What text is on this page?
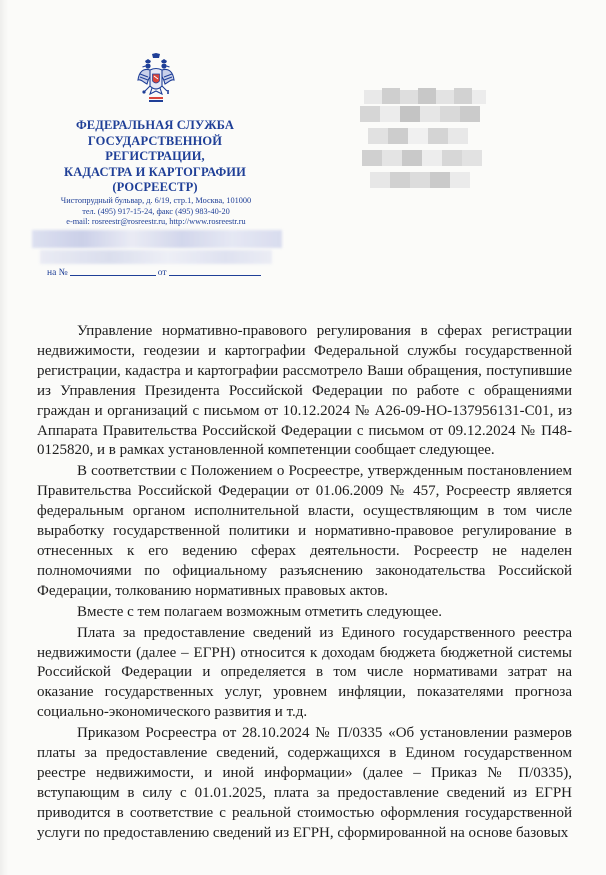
ФЕДЕРАЛЬНАЯ СЛУЖБА
ГОСУДАРСТВЕННОЙ
РЕГИСТРАЦИИ,
КАДАСТРА И КАРТОГРАФИИ
(РОСРЕЕСТР)
Чистопрудный бульвар, д. 6/19, стр.1, Москва, 101000
тел. (495) 917-15-24, факс (495) 983-40-20
e-mail: rosreestr@rosreestr.ru, http://www.rosreestr.ru
на №	от

Управление нормативно-правового регулирования в сферах регистрации недвижимости, геодезии и картографии Федеральной службы государственной регистрации, кадастра и картографии рассмотрело Ваши обращения, поступившие из Управления Президента Российской Федерации по работе с обращениями граждан и организаций с письмом от 10.12.2024 № А26-09-НО-137956131-С01, из Аппарата Правительства Российской Федерации с письмом от 09.12.2024 № П48-0125820, и в рамках установленной компетенции сообщает следующее.

В соответствии с Положением о Росреестре, утвержденным постановлением Правительства Российской Федерации от 01.06.2009 № 457, Росреестр является федеральным органом исполнительной власти, осуществляющим в том числе выработку государственной политики и нормативно-правовое регулирование в отнесенных к его ведению сферах деятельности. Росреестр не наделен полномочиями по официальному разъяснению законодательства Российской Федерации, толкованию нормативных правовых актов.

Вместе с тем полагаем возможным отметить следующее.

Плата за предоставление сведений из Единого государственного реестра недвижимости (далее – ЕГРН) относится к доходам бюджета бюджетной системы Российской Федерации и определяется в том числе нормативами затрат на оказание государственных услуг, уровнем инфляции, показателями прогноза социально-экономического развития и т.д.

Приказом Росреестра от 28.10.2024 № П/0335 «Об установлении размеров платы за предоставление сведений, содержащихся в Едином государственном реестре недвижимости, и иной информации» (далее – Приказ № П/0335), вступающим в силу с 01.01.2025, плата за предоставление сведений из ЕГРН приводится в соответствие с реальной стоимостью оформления государственной услуги по предоставлению сведений из ЕГРН, сформированной на основе базовых
